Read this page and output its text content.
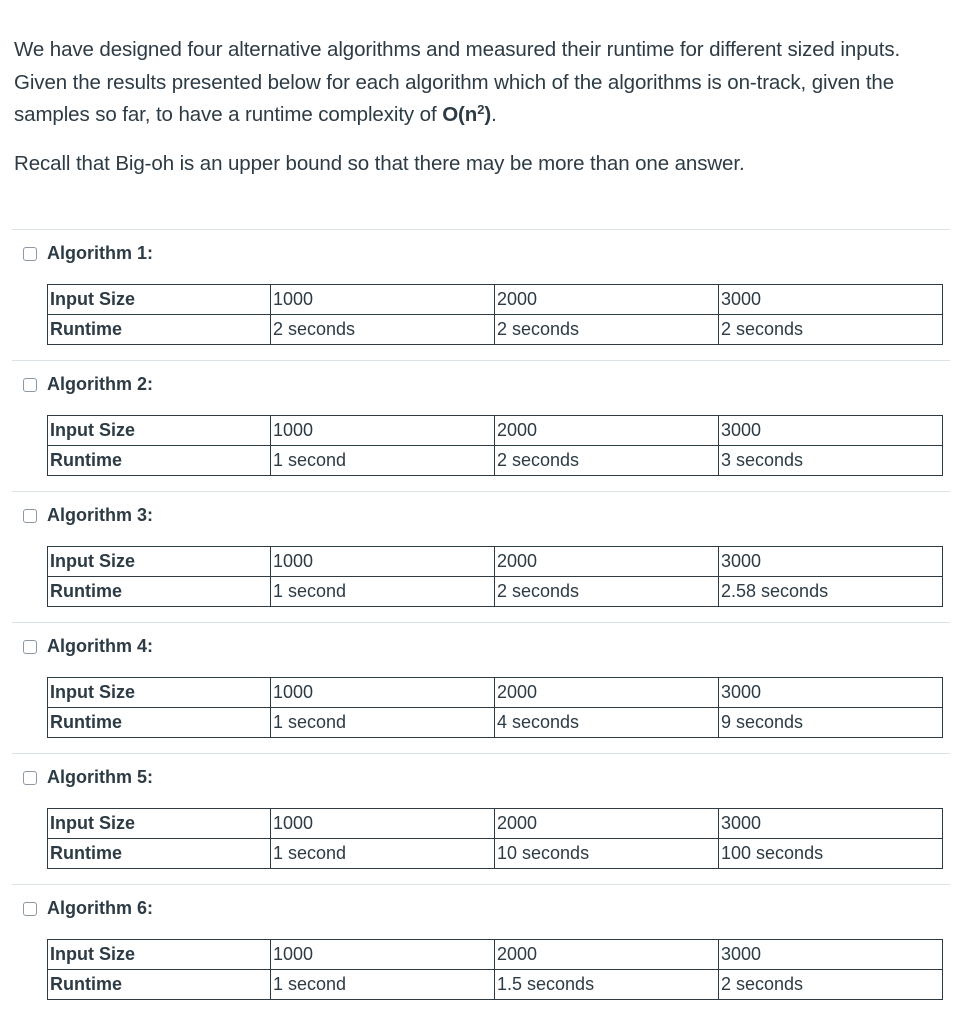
We have designed four alternative algorithms and measured their runtime for different sized inputs. Given the results presented below for each algorithm which of the algorithms is on-track, given the samples so far, to have a runtime complexity of $O(n^2)$.

Recall that Big-oh is an upper bound so that there may be more than one answer.

Algorithm 1:
Input Size	1000	2000	3000
Runtime	2 seconds	2 seconds	2 seconds
Algorithm 2:
Input Size	1000	2000	3000
Runtime	1 second	2 seconds	3 seconds
Algorithm 3:
Input Size	1000	2000	3000
Runtime	1 second	2 seconds	2.58 seconds
Algorithm 4:
Input Size	1000	2000	3000
Runtime	1 second	4 seconds	9 seconds
Algorithm 5:
Input Size	1000	2000	3000
Runtime	1 second	10 seconds	100 seconds
Algorithm 6:
Input Size	1000	2000	3000
Runtime	1 second	1.5 seconds	2 seconds
